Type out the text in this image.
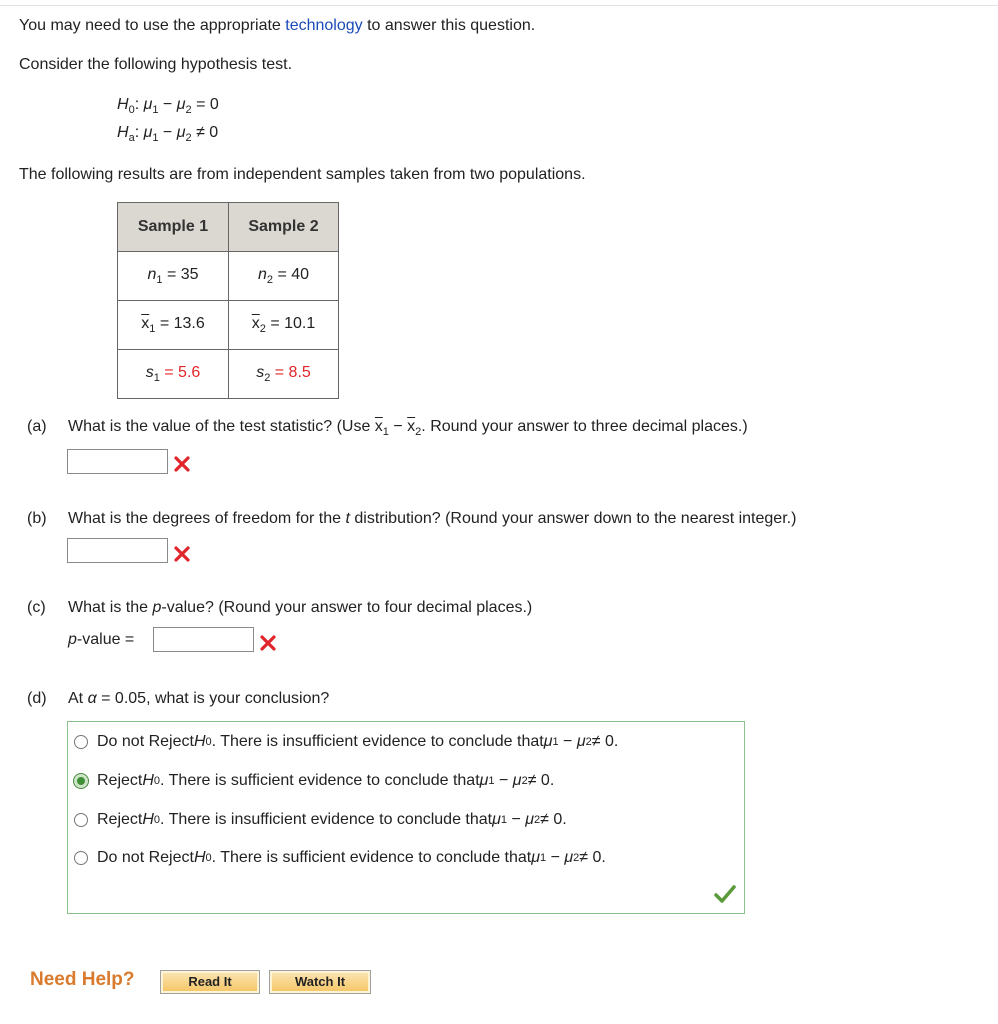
You may need to use the appropriate technology to answer this question.
Consider the following hypothesis test.
$H_0$: $\mu_1 - \mu_2 = 0$
$H_a$: $\mu_1 - \mu_2 \ne 0$
The following results are from independent samples taken from two populations.
Sample 1	Sample 2
$n_1 = 35$	$n_2 = 40$
$\overline{x}_1 = 13.6$	$\overline{x}_2 = 10.1$
$s_1 = 5.6$	$s_2 = 8.5$
(a) What is the value of the test statistic? (Use $\overline{x}_1 - \overline{x}_2$. Round your answer to three decimal places.)
(b) What is the degrees of freedom for the t distribution? (Round your answer down to the nearest integer.)
(c) What is the p-value? (Round your answer to four decimal places.)
p-value =
(d) At α = 0.05, what is your conclusion?
Do not Reject H 0 . There is insufficient evidence to conclude that μ 1
−
μ 2 ≠ 0.
Reject H 0 . There is sufficient evidence to conclude that μ 1
−
μ 2 ≠ 0.
Reject H 0 . There is insufficient evidence to conclude that μ 1
−
μ 2 ≠ 0.
Do not Reject H 0 . There is sufficient evidence to conclude that μ 1
−
μ 2 ≠ 0.
Need Help?	Read It	Watch It
